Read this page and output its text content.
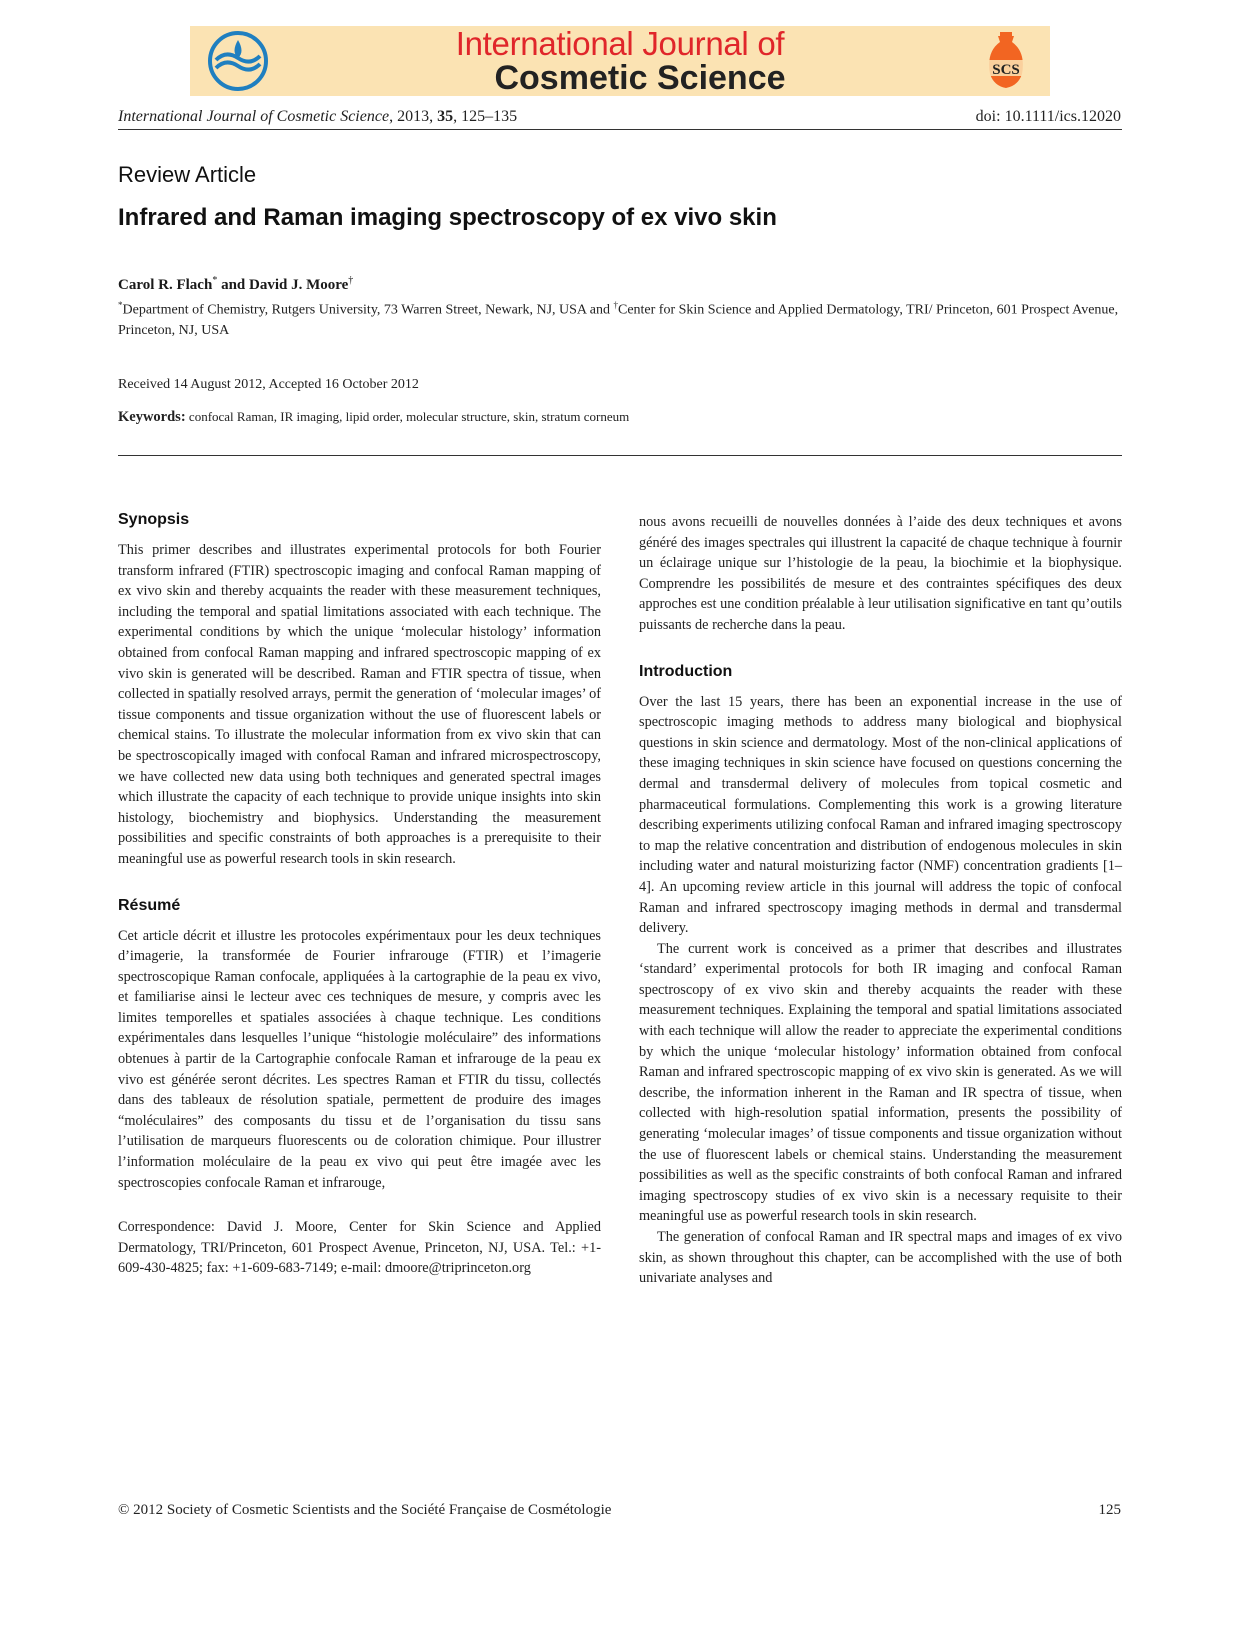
International Journal of
Cosmetic Science	SCS
International Journal of Cosmetic Science, 2013, 35, 125–135	doi: 10.1111/ics.12020
Review Article
Infrared and Raman imaging spectroscopy of ex vivo skin
Carol R. Flach* and David J. Moore†
*Department of Chemistry, Rutgers University, 73 Warren Street, Newark, NJ, USA and †Center for Skin Science and Applied Dermatology, TRI/ Princeton, 601 Prospect Avenue, Princeton, NJ, USA
Received 14 August 2012, Accepted 16 October 2012
Keywords: confocal Raman, IR imaging, lipid order, molecular structure, skin, stratum corneum
Synopsis

This primer describes and illustrates experimental protocols for both Fourier transform infrared (FTIR) spectroscopic imaging and confocal Raman mapping of ex vivo skin and thereby acquaints the reader with these measurement techniques, including the temporal and spatial limitations associated with each technique. The experimental conditions by which the unique ‘molecular histology’ information obtained from confocal Raman mapping and infrared spectroscopic mapping of ex vivo skin is generated will be described. Raman and FTIR spectra of tissue, when collected in spatially resolved arrays, permit the generation of ‘molecular images’ of tissue components and tissue organization without the use of fluorescent labels or chemical stains. To illustrate the molecular information from ex vivo skin that can be spectroscopically imaged with confocal Raman and infrared microspectroscopy, we have collected new data using both techniques and generated spectral images which illustrate the capacity of each technique to provide unique insights into skin histology, biochemistry and biophysics. Understanding the measurement possibilities and specific constraints of both approaches is a prerequisite to their meaningful use as powerful research tools in skin research.

Résumé

Cet article décrit et illustre les protocoles expérimentaux pour les deux techniques d’imagerie, la transformée de Fourier infrarouge (FTIR) et l’imagerie spectroscopique Raman confocale, appliquées à la cartographie de la peau ex vivo, et familiarise ainsi le lecteur avec ces techniques de mesure, y compris avec les limites temporelles et spatiales associées à chaque technique. Les conditions expérimentales dans lesquelles l’unique “histologie moléculaire” des informations obtenues à partir de la Cartographie confocale Raman et infrarouge de la peau ex vivo est générée seront décrites. Les spectres Raman et FTIR du tissu, collectés dans des tableaux de résolution spatiale, permettent de produire des images “moléculaires” des composants du tissu et de l’organisation du tissu sans l’utilisation de marqueurs fluorescents ou de coloration chimique. Pour illustrer l’information moléculaire de la peau ex vivo qui peut être imagée avec les spectroscopies confocale Raman et infrarouge,

Correspondence: David J. Moore, Center for Skin Science and Applied Dermatology, TRI/Princeton, 601 Prospect Avenue, Princeton, NJ, USA. Tel.: +1-609-430-4825; fax: +1-609-683-7149; e-mail: dmoore@triprinceton.org

nous avons recueilli de nouvelles données à l’aide des deux techniques et avons généré des images spectrales qui illustrent la capacité de chaque technique à fournir un éclairage unique sur l’histologie de la peau, la biochimie et la biophysique. Comprendre les possibilités de mesure et des contraintes spécifiques des deux approches est une condition préalable à leur utilisation significative en tant qu’outils puissants de recherche dans la peau.

Introduction

Over the last 15 years, there has been an exponential increase in the use of spectroscopic imaging methods to address many biological and biophysical questions in skin science and dermatology. Most of the non-clinical applications of these imaging techniques in skin science have focused on questions concerning the dermal and transdermal delivery of molecules from topical cosmetic and pharmaceutical formulations. Complementing this work is a growing literature describing experiments utilizing confocal Raman and infrared imaging spectroscopy to map the relative concentration and distribution of endogenous molecules in skin including water and natural moisturizing factor (NMF) concentration gradients [1–4]. An upcoming review article in this journal will address the topic of confocal Raman and infrared spectroscopy imaging methods in dermal and transdermal delivery.

The current work is conceived as a primer that describes and illustrates ‘standard’ experimental protocols for both IR imaging and confocal Raman spectroscopy of ex vivo skin and thereby acquaints the reader with these measurement techniques. Explaining the temporal and spatial limitations associated with each technique will allow the reader to appreciate the experimental conditions by which the unique ‘molecular histology’ information obtained from confocal Raman and infrared spectroscopic mapping of ex vivo skin is generated. As we will describe, the information inherent in the Raman and IR spectra of tissue, when collected with high-resolution spatial information, presents the possibility of generating ‘molecular images’ of tissue components and tissue organization without the use of fluorescent labels or chemical stains. Understanding the measurement possibilities as well as the specific constraints of both confocal Raman and infrared imaging spectroscopy studies of ex vivo skin is a necessary requisite to their meaningful use as powerful research tools in skin research.

The generation of confocal Raman and IR spectral maps and images of ex vivo skin, as shown throughout this chapter, can be accomplished with the use of both univariate analyses and

© 2012 Society of Cosmetic Scientists and the Société Française de Cosmétologie	125
